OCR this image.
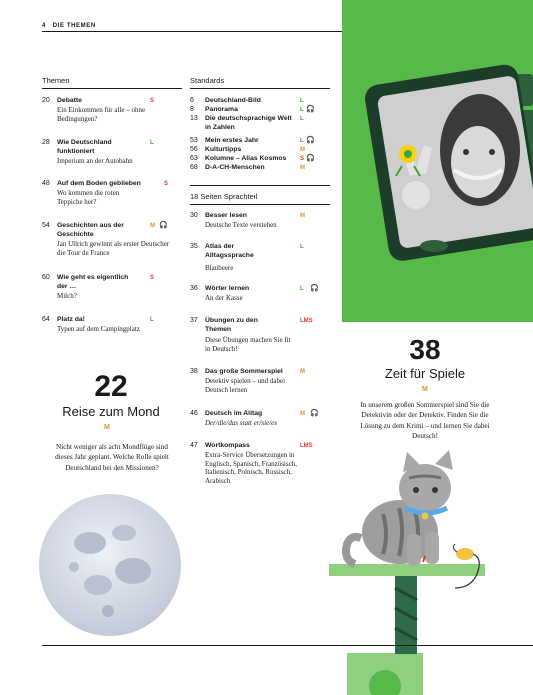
4 DIE THEMEN
Themen
20 Debatte	S
Ein Einkommen für alle – ohne Bedingungen?
28 Wie Deutschland funktioniert
L
Imperium an der Autobahn
48 Auf dem Boden geblieben	S
Wo kommen die roten Teppiche her?
54 Geschichten aus der Geschichte
M 🎧
Jan Ullrich gewinnt als erster Deutscher die Tour de France
60 Wie geht es eigentlich der …
S
Milch?
64 Platz da!	L
Typen auf dem Campingplatz
Standards
6 Deutschland-Bild	L
8 Panorama	L 🎧
13 Die deutschsprachige Welt in Zahlen
L
53 Mein erstes Jahr	L 🎧
56 Kulturtipps	M
63 Kolumne – Alias Kosmos S 🎧
68 D-A-CH-Menschen	M
18 Seiten Sprachteil
30 Besser lesen	M
Deutsche Texte verstehen
35 Atlas der Alltagssprache
L
Blaubeere
36 Wörter lernen	L 🎧
An der Kasse
37 Übungen zu den Themen
LMS
Diese Übungen machen Sie fit in Deutsch!
38 Das große Sommerspiel	M
Detektiv spielen – und dabei Deutsch lernen
46 Deutsch im Alltag	M 🎧
Der/die/das statt er/sie/es
47 Wortkompass	LMS
Extra-Service Übersetzungen in Englisch, Spanisch, Französisch, Italienisch, Polnisch, Russisch, Arabisch
22
Reise zum Mond
M
Nicht weniger als acht Mondflüge sind dieses Jahr geplant. Welche Rolle spielt Deutschland bei den Missionen?
38
Zeit für Spiele
M
In unserem großen Sommerspiel sind Sie die Detektivin oder der Detektiv. Finden Sie die Lösung zu dem Krimi – und lernen Sie dabei Deutsch!
